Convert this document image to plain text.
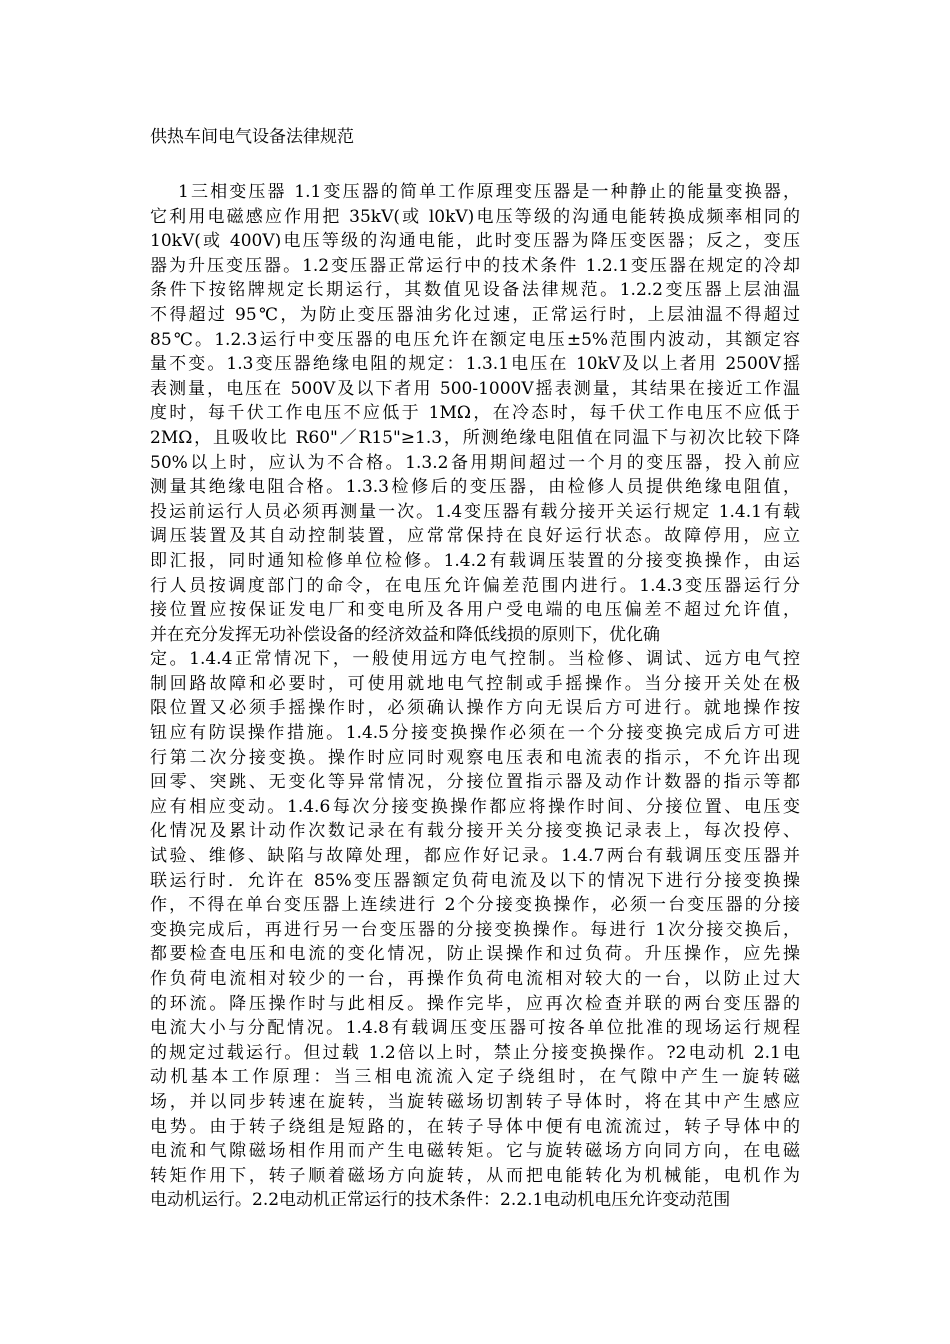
供热车间电气设备法律规范
1三相变压器 1.1变压器的简单工作原理变压器是一种静止的能量变换器，
它利用电磁感应作用把 35kV(或 l0kV)电压等级的沟通电能转换成频率相同的
10kV(或 400V)电压等级的沟通电能，此时变压器为降压变医器；反之，变压
器为升压变压器。1.2变压器正常运行中的技术条件 1.2.1变压器在规定的冷却
条件下按铭牌规定长期运行，其数值见设备法律规范。1.2.2变压器上层油温
不得超过 95℃，为防止变压器油劣化过速，正常运行时，上层油温不得超过
85℃。1.2.3运行中变压器的电压允许在额定电压±5%范围内波动，其额定容
量不变。1.3变压器绝缘电阻的规定：1.3.1电压在 10kV及以上者用 2500V摇
表测量，电压在 500V及以下者用 500-1000V摇表测量，其结果在接近工作温
度时，每千伏工作电压不应低于 1MΩ，在冷态时，每千伏工作电压不应低于
2MΩ，且吸收比 R60"／R15"≥1.3，所测绝缘电阻值在同温下与初次比较下降
50%以上时，应认为不合格。1.3.2备用期间超过一个月的变压器，投入前应
测量其绝缘电阻合格。1.3.3检修后的变压器，由检修人员提供绝缘电阻值，
投运前运行人员必须再测量一次。1.4变压器有载分接开关运行规定 1.4.1有载
调压装置及其自动控制装置，应常常保持在良好运行状态。故障停用，应立
即汇报，同时通知检修单位检修。1.4.2有载调压装置的分接变换操作，由运
行人员按调度部门的命令，在电压允许偏差范围内进行。1.4.3变压器运行分
接位置应按保证发电厂和变电所及各用户受电端的电压偏差不超过允许值，
并在充分发挥无功补偿设备的经济效益和降低线损的原则下，优化确
定。1.4.4正常情况下，一般使用远方电气控制。当检修、调试、远方电气控
制回路故障和必要时，可使用就地电气控制或手摇操作。当分接开关处在极
限位置又必须手摇操作时，必须确认操作方向无误后方可进行。就地操作按
钮应有防误操作措施。1.4.5分接变换操作必须在一个分接变换完成后方可进
行第二次分接变换。操作时应同时观察电压表和电流表的指示，不允许出现
回零、突跳、无变化等异常情况，分接位置指示器及动作计数器的指示等都
应有相应变动。1.4.6每次分接变换操作都应将操作时间、分接位置、电压变
化情况及累计动作次数记录在有载分接开关分接变换记录表上，每次投停、
试验、维修、缺陷与故障处理，都应作好记录。1.4.7两台有载调压变压器并
联运行时．允许在 85%变压器额定负荷电流及以下的情况下进行分接变换操
作，不得在单台变压器上连续进行 2个分接变换操作，必须一台变压器的分接
变换完成后，再进行另一台变压器的分接变换操作。每进行 1次分接交换后，
都要检查电压和电流的变化情况，防止误操作和过负荷。升压操作，应先操
作负荷电流相对较少的一台，再操作负荷电流相对较大的一台，以防止过大
的环流。降压操作时与此相反。操作完毕，应再次检查并联的两台变压器的
电流大小与分配情况。1.4.8有载调压变压器可按各单位批准的现场运行规程
的规定过载运行。但过载 1.2倍以上时，禁止分接变换操作。?2电动机 2.1电
动机基本工作原理：当三相电流流入定子绕组时，在气隙中产生一旋转磁
场，并以同步转速在旋转，当旋转磁场切割转子导体时，将在其中产生感应
电势。由于转子绕组是短路的，在转子导体中便有电流流过，转子导体中的
电流和气隙磁场相作用而产生电磁转矩。它与旋转磁场方向同方向，在电磁
转矩作用下，转子顺着磁场方向旋转，从而把电能转化为机械能，电机作为
电动机运行。2.2电动机正常运行的技术条件：2.2.1电动机电压允许变动范围
